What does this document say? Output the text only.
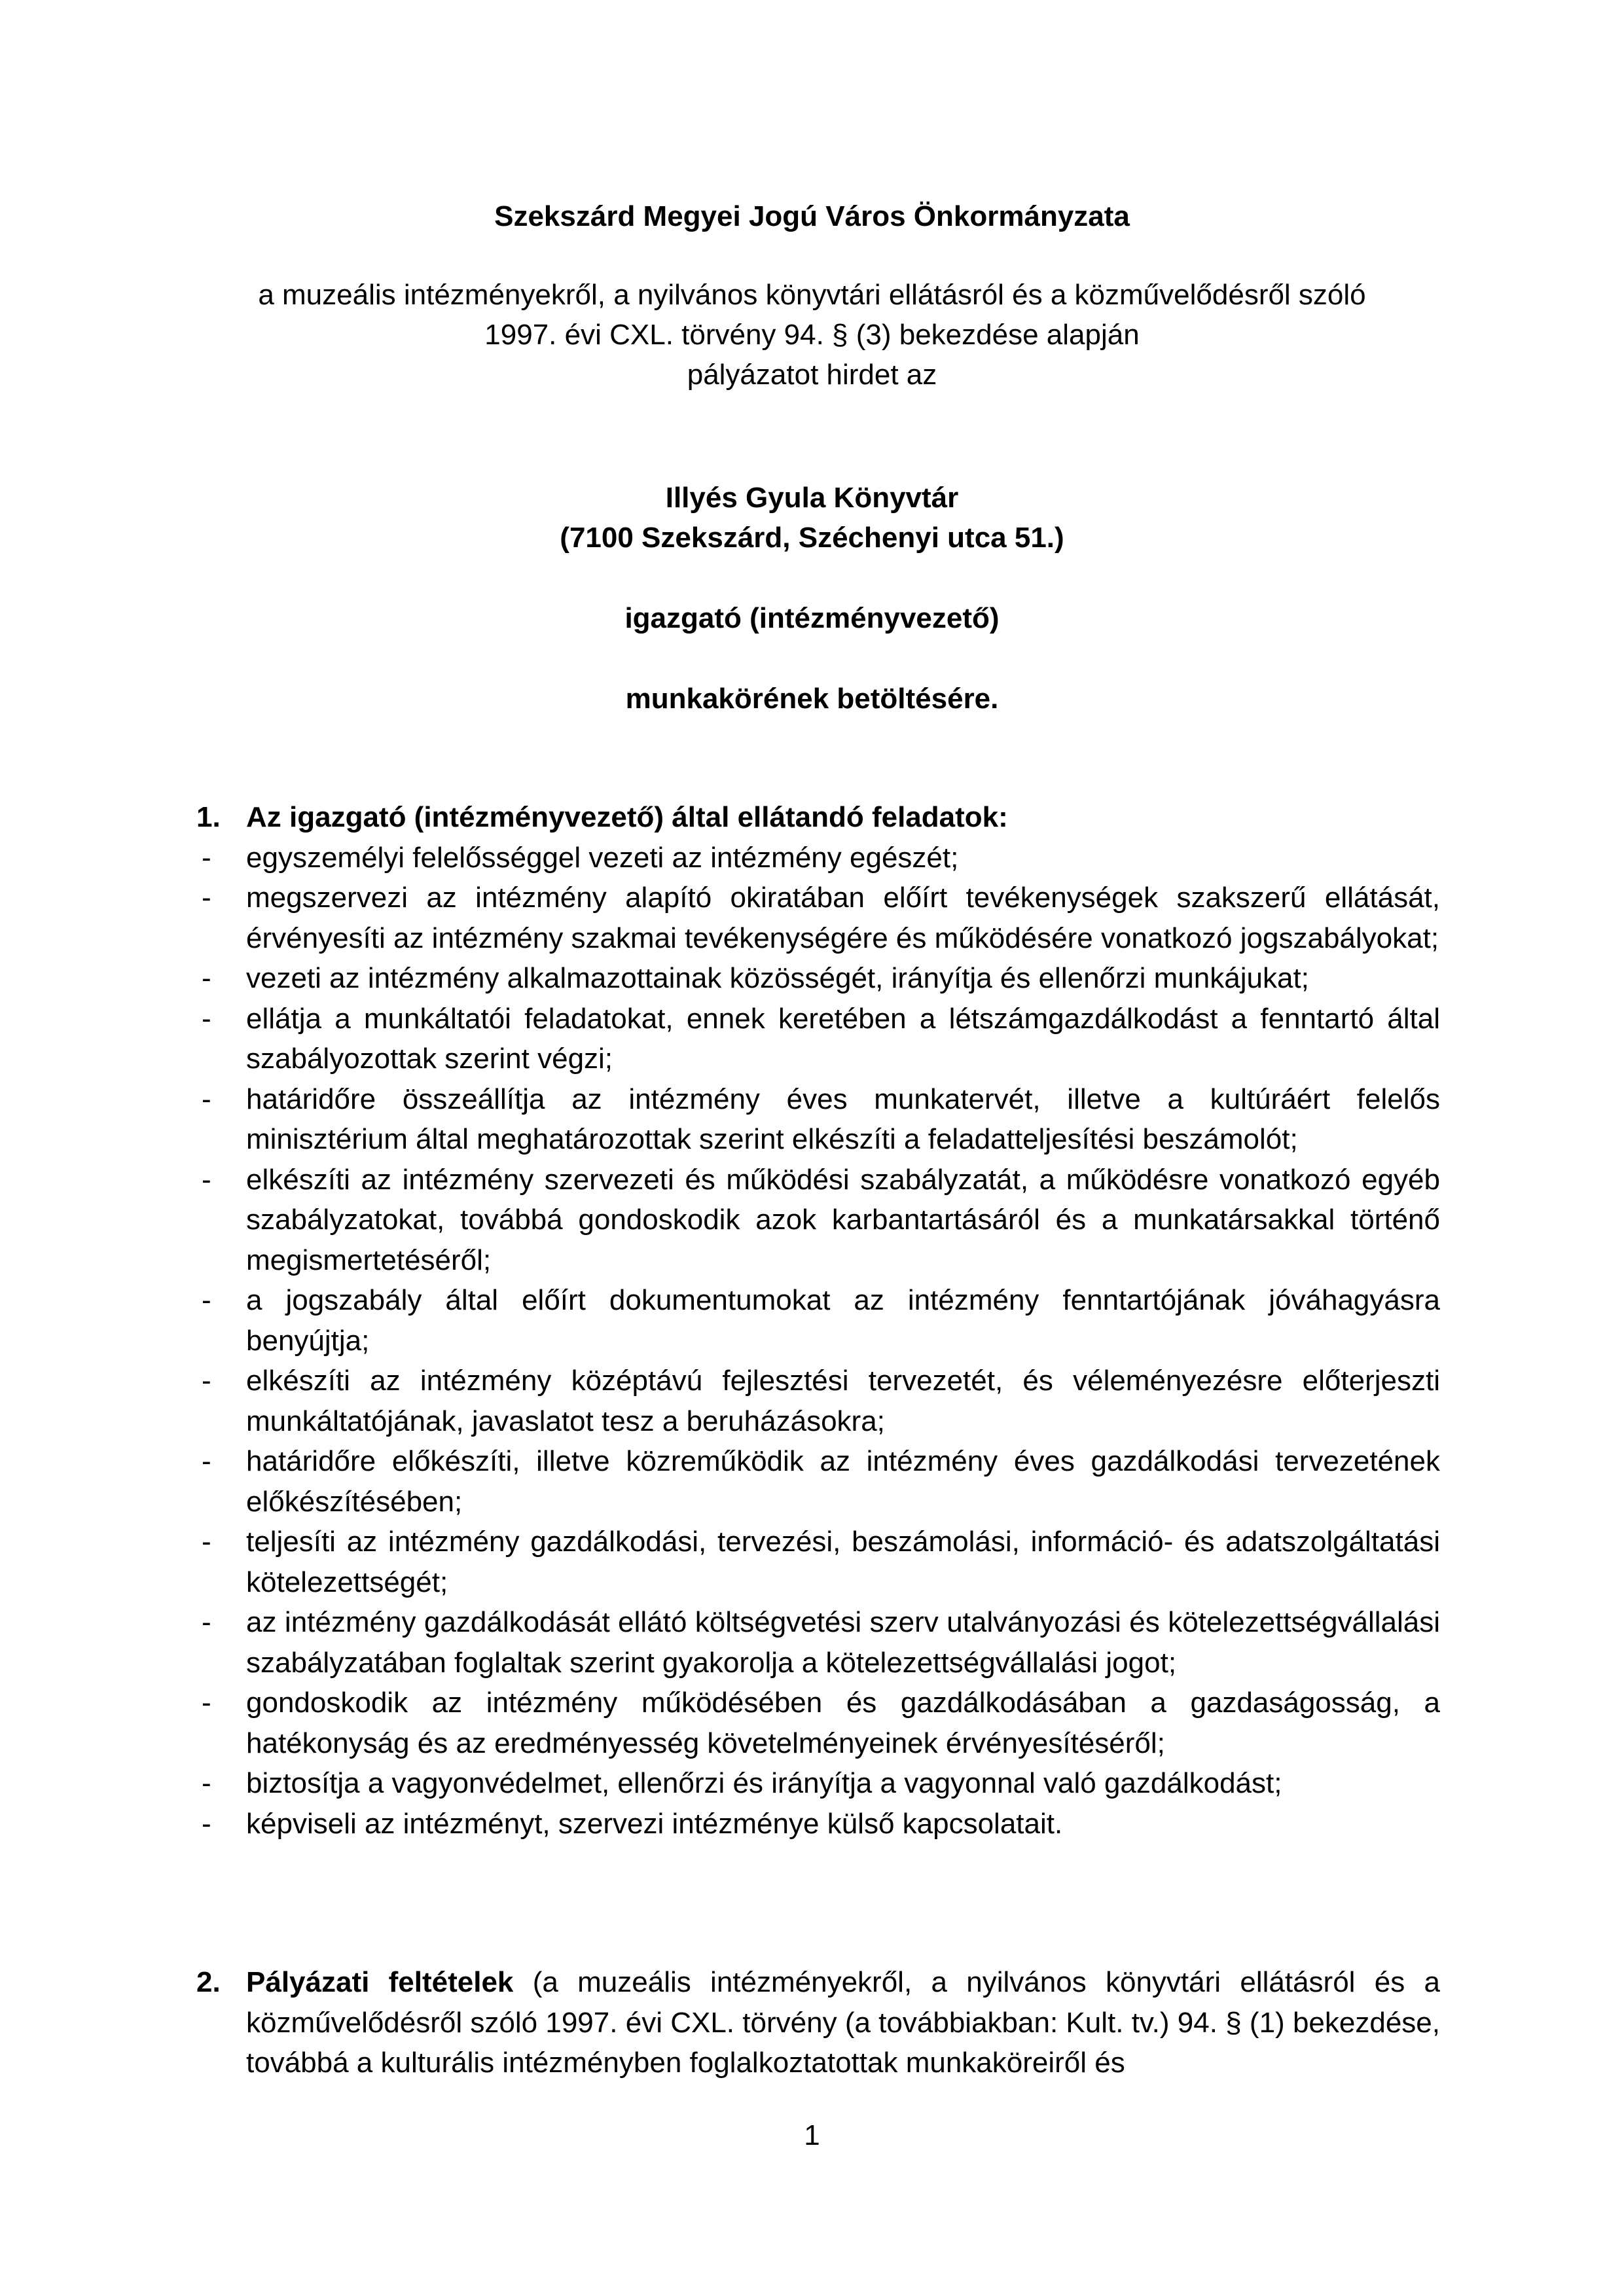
Szekszárd Megyei Jogú Város Önkormányzata
a muzeális intézményekről, a nyilvános könyvtári ellátásról és a közművelődésről szóló
1997. évi CXL. törvény 94. § (3) bekezdése alapján
pályázatot hirdet az
Illyés Gyula Könyvtár
(7100 Szekszárd, Széchenyi utca 51.)
igazgató (intézményvezető)
munkakörének betöltésére.
1. Az igazgató (intézményvezető) által ellátandó feladatok:
- egyszemélyi felelősséggel vezeti az intézmény egészét;
- megszervezi az intézmény alapító okiratában előírt tevékenységek szakszerű ellátását, érvényesíti az intézmény szakmai tevékenységére és működésére vonatkozó jogszabályokat;
- vezeti az intézmény alkalmazottainak közösségét, irányítja és ellenőrzi munkájukat;
- ellátja a munkáltatói feladatokat, ennek keretében a létszámgazdálkodást a fenntartó által szabályozottak szerint végzi;
- határidőre összeállítja az intézmény éves munkatervét, illetve a kultúráért felelős minisztérium által meghatározottak szerint elkészíti a feladatteljesítési beszámolót;
- elkészíti az intézmény szervezeti és működési szabályzatát, a működésre vonatkozó egyéb szabályzatokat, továbbá gondoskodik azok karbantartásáról és a munkatársakkal történő megismertetéséről;
- a jogszabály által előírt dokumentumokat az intézmény fenntartójának jóváhagyásra benyújtja;
- elkészíti az intézmény középtávú fejlesztési tervezetét, és véleményezésre előterjeszti munkáltatójának, javaslatot tesz a beruházásokra;
- határidőre előkészíti, illetve közreműködik az intézmény éves gazdálkodási tervezetének előkészítésében;
- teljesíti az intézmény gazdálkodási, tervezési, beszámolási, információ- és adatszolgáltatási kötelezettségét;
- az intézmény gazdálkodását ellátó költségvetési szerv utalványozási és kötelezettségvállalási szabályzatában foglaltak szerint gyakorolja a kötelezettségvállalási jogot;
- gondoskodik az intézmény működésében és gazdálkodásában a gazdaságosság, a hatékonyság és az eredményesség követelményeinek érvényesítéséről;
- biztosítja a vagyonvédelmet, ellenőrzi és irányítja a vagyonnal való gazdálkodást;
- képviseli az intézményt, szervezi intézménye külső kapcsolatait.
2. Pályázati feltételek (a muzeális intézményekről, a nyilvános könyvtári ellátásról és a közművelődésről szóló 1997. évi CXL. törvény (a továbbiakban: Kult. tv.) 94. § (1) bekezdése, továbbá a kulturális intézményben foglalkoztatottak munkaköreiről és
1
